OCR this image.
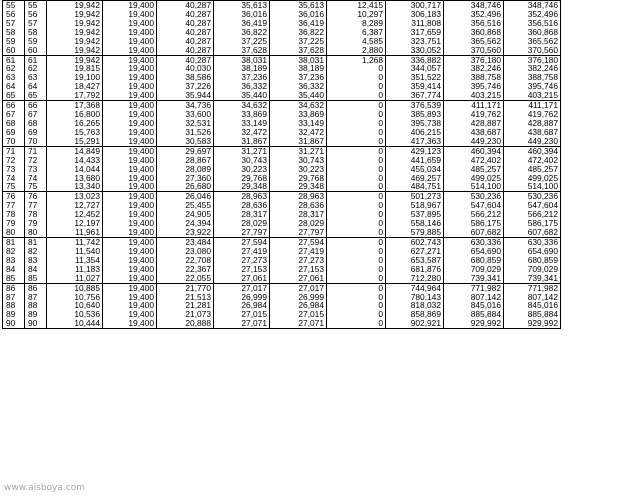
55	55	19,942	19,400	40,287	35,613	35,613	12,415	300,717	348,746	348,746
56	56	19,942	19,400	40,287	36,016	36,016	10,297	306,183	352,496	352,496
57	57	19,942	19,400	40,287	36,419	36,419	8,289	311,808	356,516	356,516
58	58	19,942	19,400	40,287	36,822	36,822	6,387	317,659	360,868	360,868
59	59	19,942	19,400	40,287	37,225	37,225	4,585	323,751	365,562	365,562
60	60	19,942	19,400	40,287	37,628	37,628	2,880	330,052	370,560	370,560
61	61	19,942	19,400	40,287	38,031	38,031	1,268	336,882	376,180	376,180
62	62	19,815	19,400	40,030	38,189	38,189	0	344,057	382,246	382,246
63	63	19,100	19,400	38,586	37,236	37,236	0	351,522	388,758	388,758
64	64	18,427	19,400	37,226	36,332	36,332	0	359,414	395,746	395,746
65	65	17,792	19,400	35,944	35,440	35,440	0	367,774	403,215	403,215
66	66	17,368	19,400	34,736	34,632	34,632	0	376,539	411,171	411,171
67	67	16,800	19,400	33,600	33,869	33,869	0	385,893	419,762	419,762
68	68	16,265	19,400	32,531	33,149	33,149	0	395,738	428,887	428,887
69	69	15,763	19,400	31,526	32,472	32,472	0	406,215	438,687	438,687
70	70	15,291	19,400	30,583	31,867	31,867	0	417,363	449,230	449,230
71	71	14,849	19,400	29,697	31,271	31,271	0	429,123	460,394	460,394
72	72	14,433	19,400	28,867	30,743	30,743	0	441,659	472,402	472,402
73	73	14,044	19,400	28,089	30,223	30,223	0	455,034	485,257	485,257
74	74	13,680	19,400	27,360	29,768	29,768	0	469,257	499,025	499,025
75	75	13,340	19,400	26,680	29,348	29,348	0	484,751	514,100	514,100
76	76	13,023	19,400	26,046	28,963	28,963	0	501,273	530,236	530,236
77	77	12,727	19,400	25,455	28,636	28,636	0	518,967	547,604	547,604
78	78	12,452	19,400	24,905	28,317	28,317	0	537,895	566,212	566,212
79	79	12,197	19,400	24,394	28,029	28,029	0	558,146	586,175	586,175
80	80	11,961	19,400	23,922	27,797	27,797	0	579,885	607,682	607,682
81	81	11,742	19,400	23,484	27,594	27,594	0	602,743	630,336	630,336
82	82	11,540	19,400	23,080	27,419	27,419	0	627,271	654,690	654,690
83	83	11,354	19,400	22,708	27,273	27,273	0	653,587	680,859	680,859
84	84	11,183	19,400	22,367	27,153	27,153	0	681,876	709,029	709,029
85	85	11,027	19,400	22,055	27,061	27,061	0	712,280	739,341	739,341
86	86	10,885	19,400	21,770	27,017	27,017	0	744,964	771,982	771,982
87	87	10,756	19,400	21,513	26,999	26,999	0	780,143	807,142	807,142
88	88	10,640	19,400	21,281	26,984	26,984	0	818,032	845,016	845,016
89	89	10,536	19,400	21,073	27,015	27,015	0	858,869	885,884	885,884
90	90	10,444	19,400	20,888	27,071	27,071	0	902,921	929,992	929,992
www.aisboya.com
